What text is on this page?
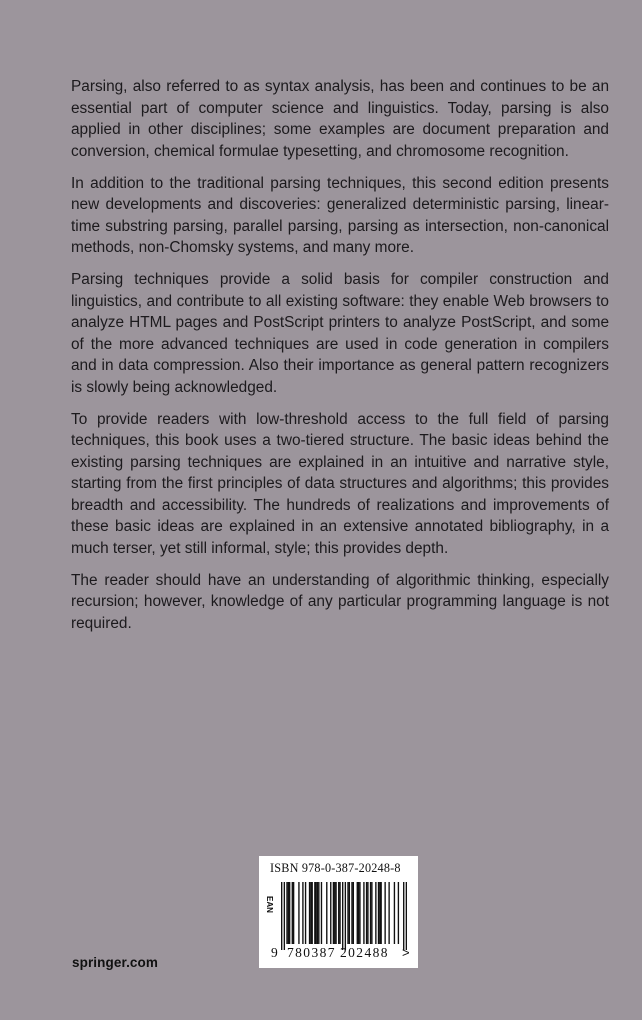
Parsing, also referred to as syntax analysis, has been and continues to be an essential part of computer science and linguistics. Today, parsing is also applied in other disciplines; some examples are document preparation and conversion, chemical formulae typesetting, and chromosome recognition.

In addition to the traditional parsing techniques, this second edition presents new developments and discoveries: generalized deterministic parsing, linear-time substring parsing, parallel parsing, parsing as intersection, non-canonical methods, non-Chomsky systems, and many more.

Parsing techniques provide a solid basis for compiler construction and linguistics, and contribute to all existing software: they enable Web browsers to analyze HTML pages and PostScript printers to analyze PostScript, and some of the more advanced techniques are used in code generation in compilers and in data compression. Also their importance as general pattern recognizers is slowly being acknowledged.

To provide readers with low-threshold access to the full field of parsing techniques, this book uses a two-tiered structure. The basic ideas behind the existing parsing techniques are explained in an intuitive and narrative style, starting from the first principles of data structures and algorithms; this provides breadth and accessibility. The hundreds of realizations and improvements of these basic ideas are explained in an extensive annotated bibliography, in a much terser, yet still informal, style; this provides depth.

The reader should have an understanding of algorithmic thinking, especially recursion; however, knowledge of any particular programming language is not required.

springer.com
ISBN 978-0-387-20248-8
EAN
9 780387 202488 >
